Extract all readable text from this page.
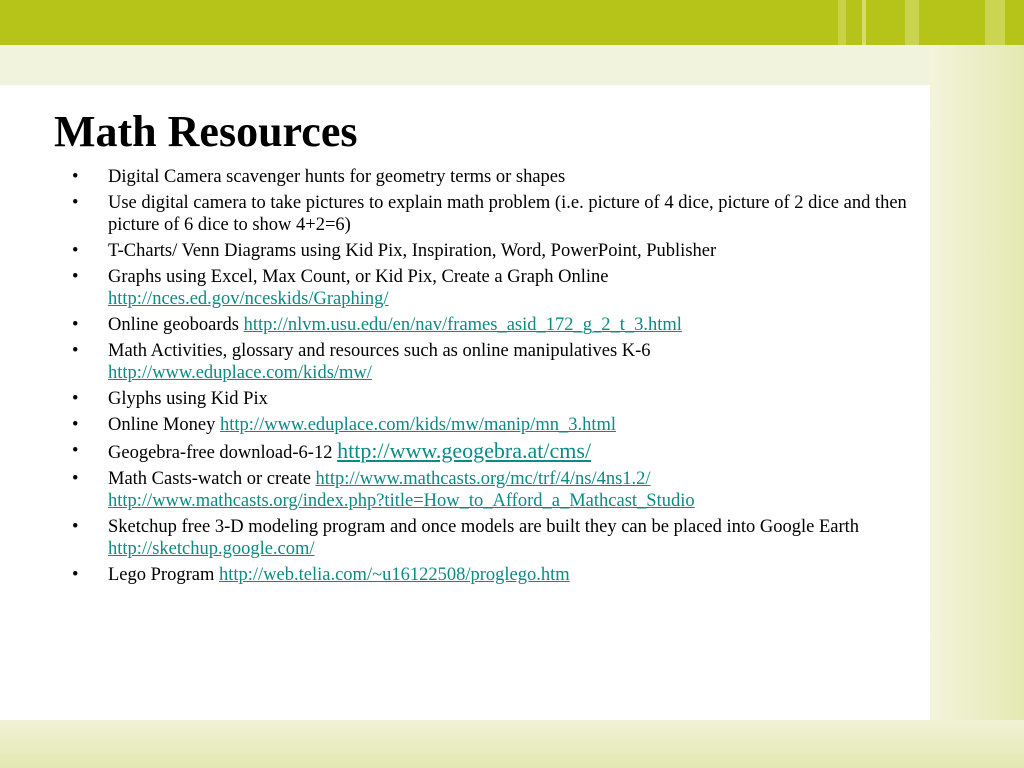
Math Resources
•	Digital Camera scavenger hunts for geometry terms or shapes
•	Use digital camera to take pictures to explain math problem (i.e. picture of 4 dice, picture of 2 dice and then picture of 6 dice to show 4+2=6)
•	T-Charts/ Venn Diagrams using Kid Pix, Inspiration, Word, PowerPoint, Publisher
•	Graphs using Excel, Max Count, or Kid Pix, Create a Graph Online
http://nces.ed.gov/nceskids/Graphing/
•	Online geoboards http://nlvm.usu.edu/en/nav/frames_asid_172_g_2_t_3.html
•	Math Activities, glossary and resources such as online manipulatives K-6
http://www.eduplace.com/kids/mw/
•	Glyphs using Kid Pix
•	Online Money http://www.eduplace.com/kids/mw/manip/mn_3.html
•	Geogebra-free download-6-12 http://www.geogebra.at/cms/
•	Math Casts-watch or create http://www.mathcasts.org/mc/trf/4/ns/4ns1.2/
http://www.mathcasts.org/index.php?title=How_to_Afford_a_Mathcast_Studio
•	Sketchup free 3-D modeling program and once models are built they can be placed into Google Earth  http://sketchup.google.com/
•	Lego Program http://web.telia.com/~u16122508/proglego.htm
